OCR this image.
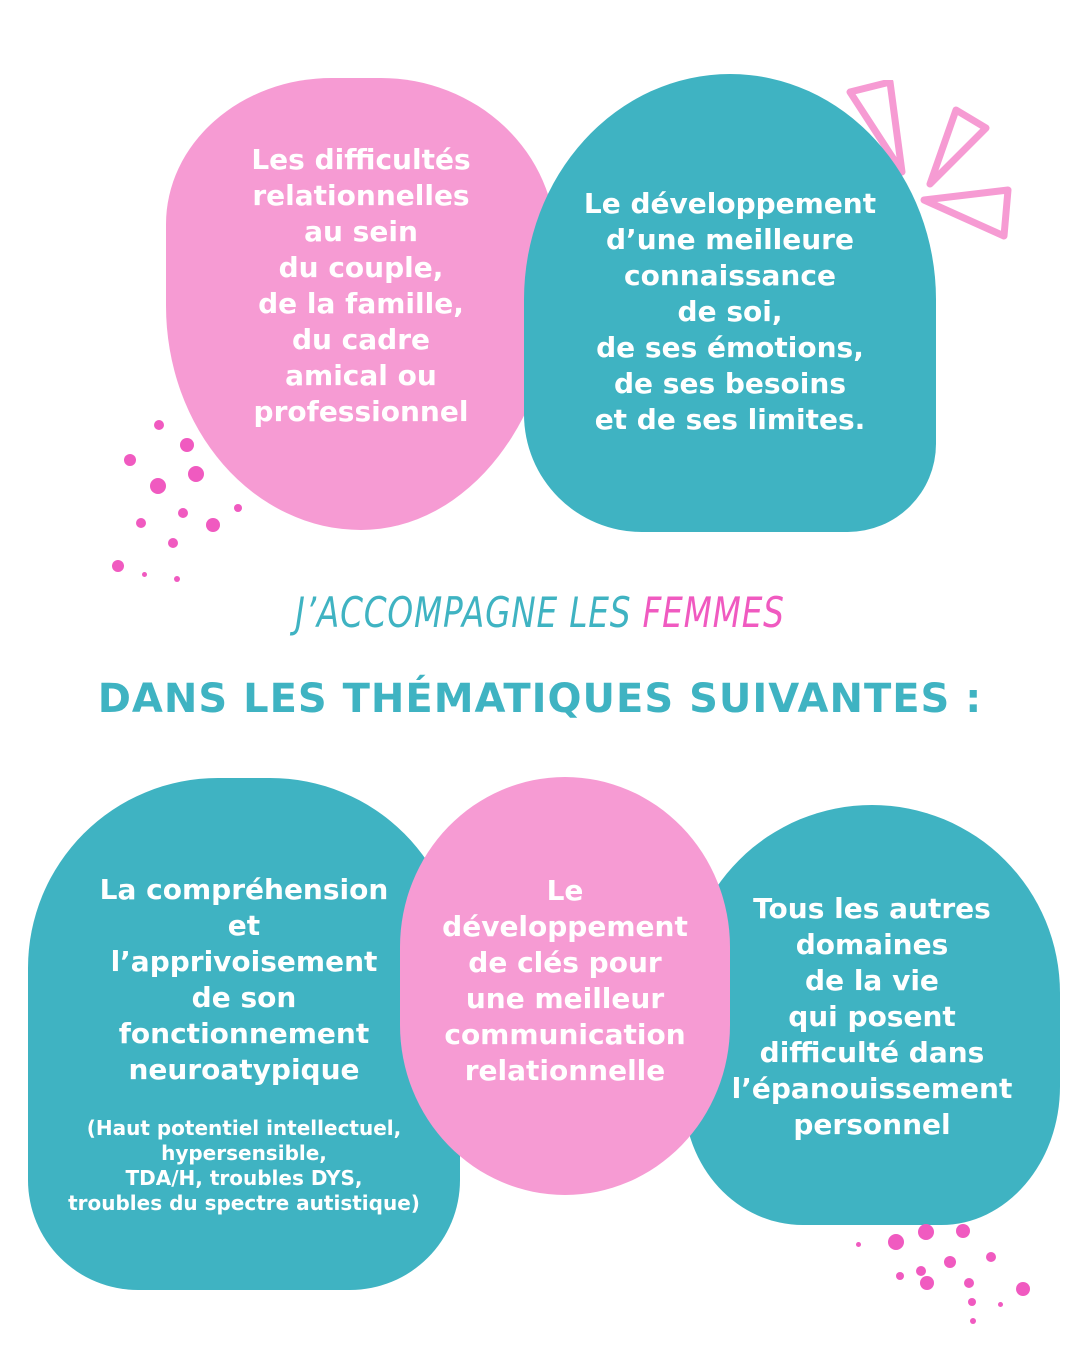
Les difficultés
relationnelles
au sein
du couple,
de la famille,
du cadre
amical ou
professionnel
Le développement
d’une meilleure
connaissance
de soi,
de ses émotions,
de ses besoins
et de ses limites.
J’ACCOMPAGNE LES FEMMES
DANS LES THÉMATIQUES SUIVANTES :
La compréhension
et
l’apprivoisement
de son
fonctionnement
neuroatypique
(Haut potentiel intellectuel,
hypersensible,
TDA/H, troubles DYS,
troubles du spectre autistique)
Tous les autres
domaines
de la vie
qui posent
difficulté dans
l’épanouissement
personnel
Le
développement
de clés pour
une meilleur
communication
relationnelle
